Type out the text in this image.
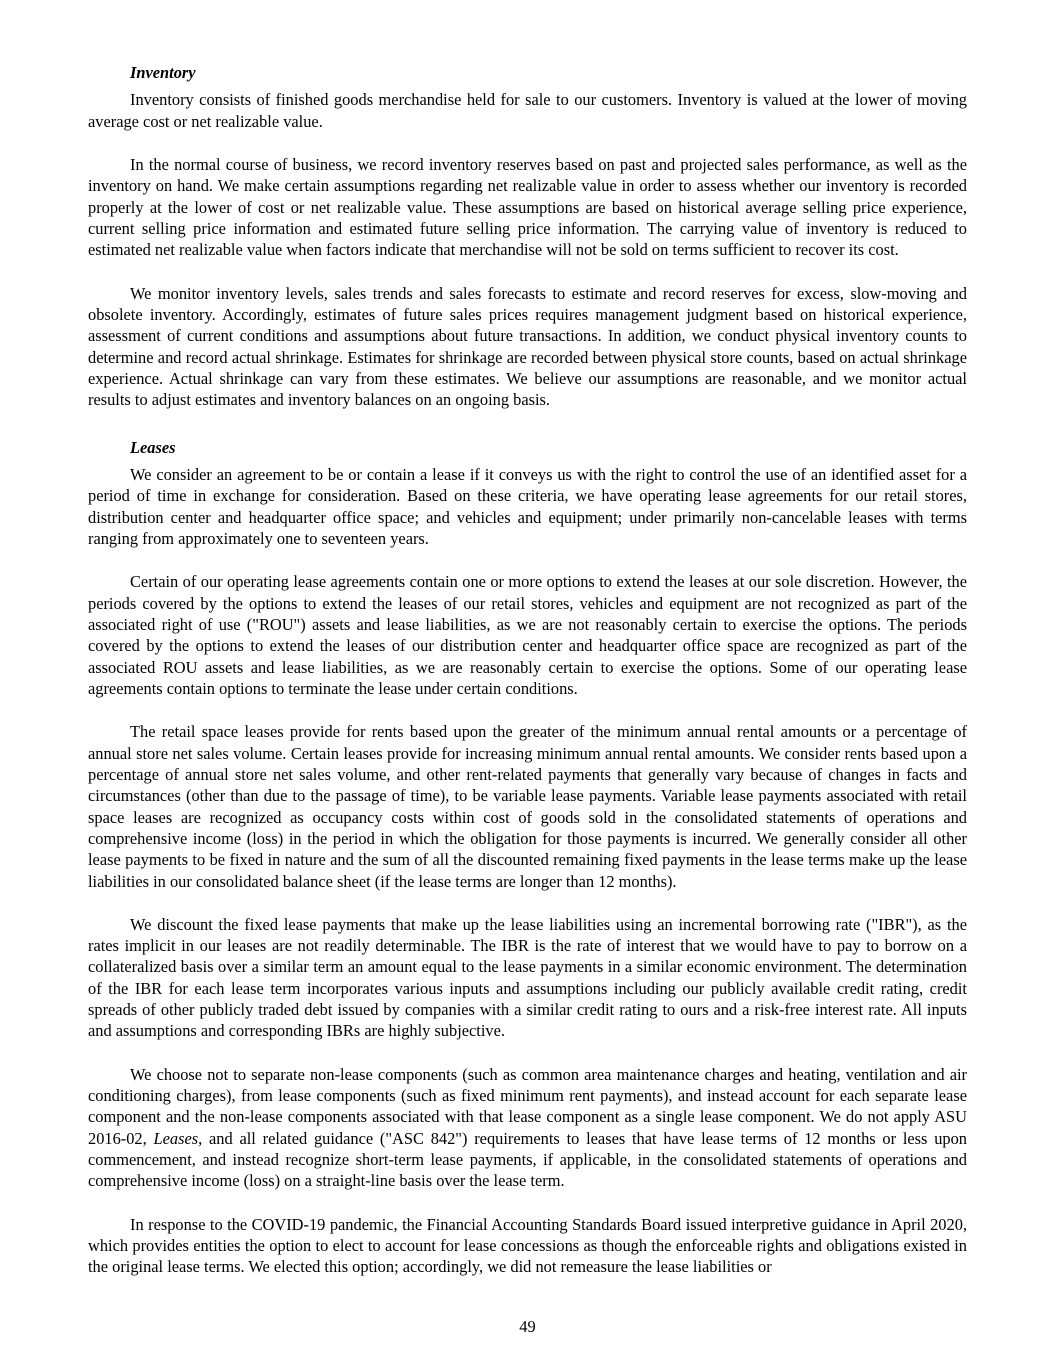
Inventory

Inventory consists of finished goods merchandise held for sale to our customers. Inventory is valued at the lower of moving average cost or net realizable value.

In the normal course of business, we record inventory reserves based on past and projected sales performance, as well as the inventory on hand. We make certain assumptions regarding net realizable value in order to assess whether our inventory is recorded properly at the lower of cost or net realizable value. These assumptions are based on historical average selling price experience, current selling price information and estimated future selling price information. The carrying value of inventory is reduced to estimated net realizable value when factors indicate that merchandise will not be sold on terms sufficient to recover its cost.

We monitor inventory levels, sales trends and sales forecasts to estimate and record reserves for excess, slow-moving and obsolete inventory. Accordingly, estimates of future sales prices requires management judgment based on historical experience, assessment of current conditions and assumptions about future transactions. In addition, we conduct physical inventory counts to determine and record actual shrinkage. Estimates for shrinkage are recorded between physical store counts, based on actual shrinkage experience. Actual shrinkage can vary from these estimates. We believe our assumptions are reasonable, and we monitor actual results to adjust estimates and inventory balances on an ongoing basis.

Leases

We consider an agreement to be or contain a lease if it conveys us with the right to control the use of an identified asset for a period of time in exchange for consideration. Based on these criteria, we have operating lease agreements for our retail stores, distribution center and headquarter office space; and vehicles and equipment; under primarily non-cancelable leases with terms ranging from approximately one to seventeen years.

Certain of our operating lease agreements contain one or more options to extend the leases at our sole discretion. However, the periods covered by the options to extend the leases of our retail stores, vehicles and equipment are not recognized as part of the associated right of use ("ROU") assets and lease liabilities, as we are not reasonably certain to exercise the options. The periods covered by the options to extend the leases of our distribution center and headquarter office space are recognized as part of the associated ROU assets and lease liabilities, as we are reasonably certain to exercise the options. Some of our operating lease agreements contain options to terminate the lease under certain conditions.

The retail space leases provide for rents based upon the greater of the minimum annual rental amounts or a percentage of annual store net sales volume. Certain leases provide for increasing minimum annual rental amounts. We consider rents based upon a percentage of annual store net sales volume, and other rent-related payments that generally vary because of changes in facts and circumstances (other than due to the passage of time), to be variable lease payments. Variable lease payments associated with retail space leases are recognized as occupancy costs within cost of goods sold in the consolidated statements of operations and comprehensive income (loss) in the period in which the obligation for those payments is incurred. We generally consider all other lease payments to be fixed in nature and the sum of all the discounted remaining fixed payments in the lease terms make up the lease liabilities in our consolidated balance sheet (if the lease terms are longer than 12 months).

We discount the fixed lease payments that make up the lease liabilities using an incremental borrowing rate ("IBR"), as the rates implicit in our leases are not readily determinable. The IBR is the rate of interest that we would have to pay to borrow on a collateralized basis over a similar term an amount equal to the lease payments in a similar economic environment. The determination of the IBR for each lease term incorporates various inputs and assumptions including our publicly available credit rating, credit spreads of other publicly traded debt issued by companies with a similar credit rating to ours and a risk-free interest rate. All inputs and assumptions and corresponding IBRs are highly subjective.

We choose not to separate non-lease components (such as common area maintenance charges and heating, ventilation and air conditioning charges), from lease components (such as fixed minimum rent payments), and instead account for each separate lease component and the non-lease components associated with that lease component as a single lease component. We do not apply ASU 2016-02, Leases, and all related guidance ("ASC 842") requirements to leases that have lease terms of 12 months or less upon commencement, and instead recognize short-term lease payments, if applicable, in the consolidated statements of operations and comprehensive income (loss) on a straight-line basis over the lease term.

In response to the COVID-19 pandemic, the Financial Accounting Standards Board issued interpretive guidance in April 2020, which provides entities the option to elect to account for lease concessions as though the enforceable rights and obligations existed in the original lease terms. We elected this option; accordingly, we did not remeasure the lease liabilities or

49
